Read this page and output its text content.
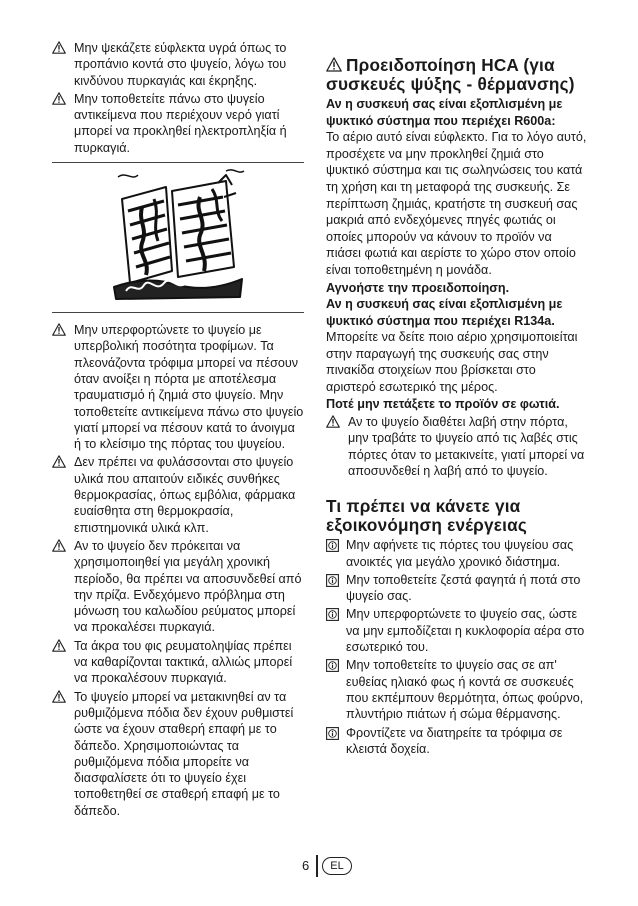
Μην ψεκάζετε εύφλεκτα υγρά όπως το προπάνιο κοντά στο ψυγείο, λόγω του κινδύνου πυρκαγιάς και έκρηξης.
Μην τοποθετείτε πάνω στο ψυγείο αντικείμενα που περιέχουν νερό γιατί μπορεί να προκληθεί ηλεκτροπληξία ή πυρκαγιά.
Μην υπερφορτώνετε το ψυγείο με υπερβολική ποσότητα τροφίμων. Τα πλεονάζοντα τρόφιμα μπορεί να πέσουν όταν ανοίξει η πόρτα με αποτέλεσμα τραυματισμό ή ζημιά στο ψυγείο. Μην τοποθετείτε αντικείμενα πάνω στο ψυγείο γιατί μπορεί να πέσουν κατά το άνοιγμα ή το κλείσιμο της πόρτας του ψυγείου.
Δεν πρέπει να φυλάσσονται στο ψυγείο υλικά που απαιτούν ειδικές συνθήκες θερμοκρασίας, όπως εμβόλια, φάρμακα ευαίσθητα στη θερμοκρασία, επιστημονικά υλικά κλπ.
Αν το ψυγείο δεν πρόκειται να χρησιμοποιηθεί για μεγάλη χρονική περίοδο, θα πρέπει να αποσυνδεθεί από την πρίζα. Ενδεχόμενο πρόβλημα στη μόνωση του καλωδίου ρεύματος μπορεί να προκαλέσει πυρκαγιά.
Τα άκρα του φις ρευματοληψίας πρέπει να καθαρίζονται τακτικά, αλλιώς μπορεί να προκαλέσουν πυρκαγιά.
Το ψυγείο μπορεί να μετακινηθεί αν τα ρυθμιζόμενα πόδια δεν έχουν ρυθμιστεί ώστε να έχουν σταθερή επαφή με το δάπεδο. Χρησιμοποιώντας τα ρυθμιζόμενα πόδια μπορείτε να διασφαλίσετε ότι το ψυγείο έχει τοποθετηθεί σε σταθερή επαφή με το δάπεδο.
Προειδοποίηση HCA (για συσκευές ψύξης - θέρμανσης)
Αν η συσκευή σας είναι εξοπλισμένη με ψυκτικό σύστημα που περιέχει R600a:
Το αέριο αυτό είναι εύφλεκτο. Για το λόγο αυτό, προσέχετε να μην προκληθεί ζημιά στο ψυκτικό σύστημα και τις σωληνώσεις του κατά τη χρήση και τη μεταφορά της συσκευής. Σε περίπτωση ζημιάς, κρατήστε τη συσκευή σας μακριά από ενδεχόμενες πηγές φωτιάς οι οποίες μπορούν να κάνουν το προϊόν να πιάσει φωτιά και αερίστε το χώρο στον οποίο είναι τοποθετημένη η μονάδα.
Αγνοήστε την προειδοποίηση.
Αν η συσκευή σας είναι εξοπλισμένη με ψυκτικό σύστημα που περιέχει R134a.
Μπορείτε να δείτε ποιο αέριο χρησιμοποιείται στην παραγωγή της συσκευής σας στην πινακίδα στοιχείων που βρίσκεται στο αριστερό εσωτερικό της μέρος.
Ποτέ μην πετάξετε το προϊόν σε φωτιά.
Αν το ψυγείο διαθέτει λαβή στην πόρτα, μην τραβάτε το ψυγείο από τις λαβές στις πόρτες όταν το μετακινείτε, γιατί μπορεί να αποσυνδεθεί η λαβή από το ψυγείο.
Τι πρέπει να κάνετε για εξοικονόμηση ενέργειας
Μην αφήνετε τις πόρτες του ψυγείου σας ανοικτές για μεγάλο χρονικό διάστημα.
Μην τοποθετείτε ζεστά φαγητά ή ποτά στο ψυγείο σας.
Μην υπερφορτώνετε το ψυγείο σας, ώστε να μην εμποδίζεται η κυκλοφορία αέρα στο εσωτερικό του.
Μην τοποθετείτε το ψυγείο σας σε απ' ευθείας ηλιακό φως ή κοντά σε συσκευές που εκπέμπουν θερμότητα, όπως φούρνο, πλυντήριο πιάτων ή σώμα θέρμανσης.
Φροντίζετε να διατηρείτε τα τρόφιμα σε κλειστά δοχεία.
6	EL
